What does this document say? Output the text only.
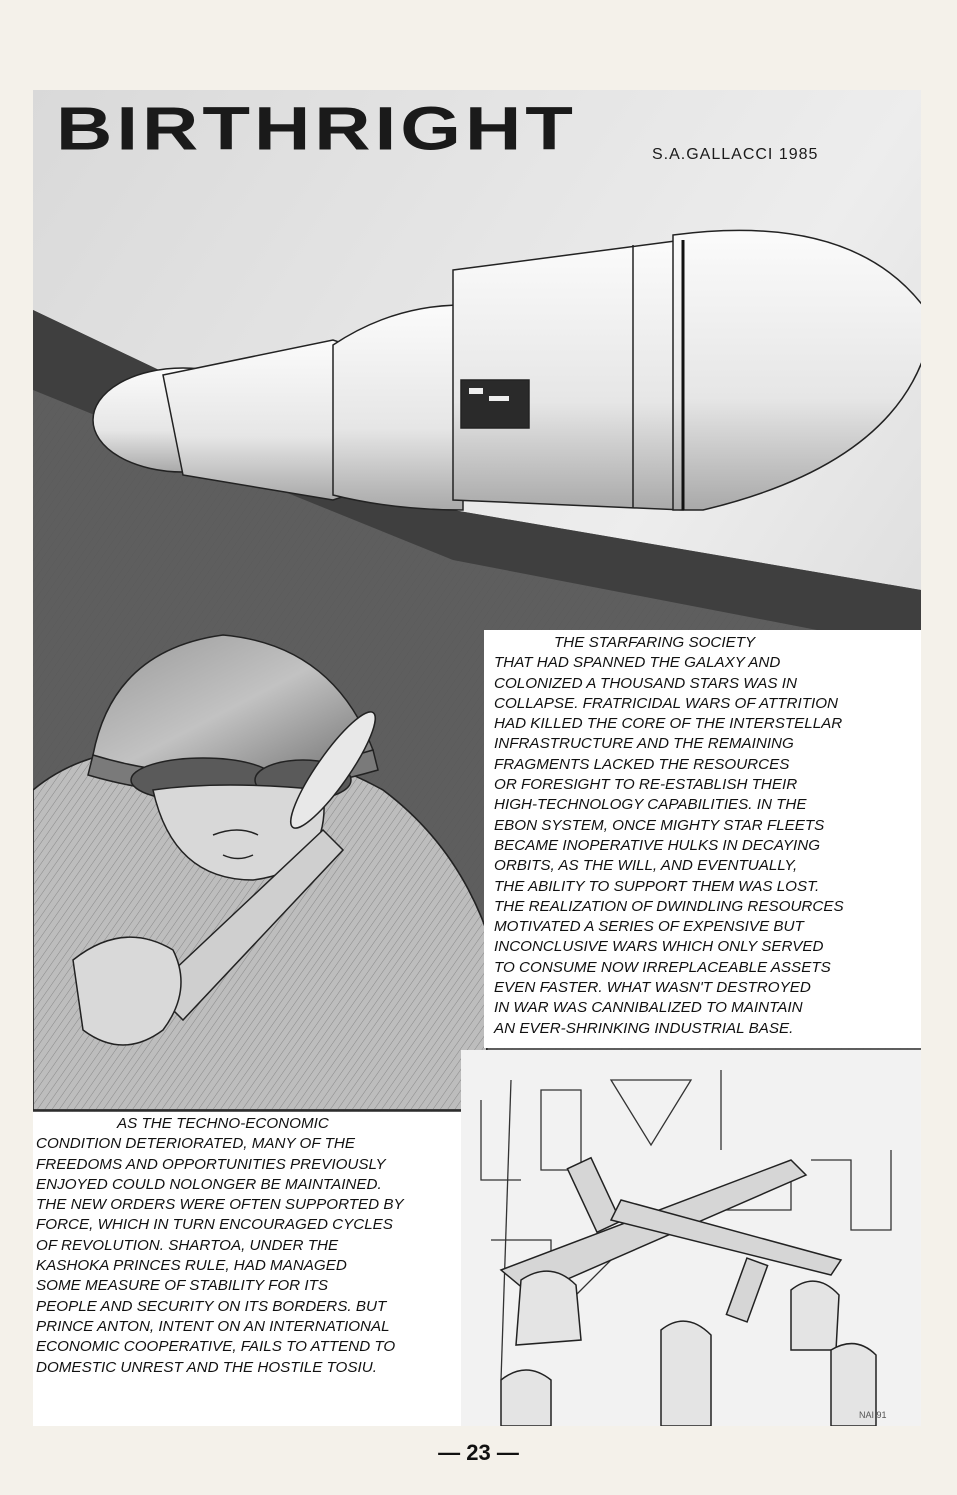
BIRTHRIGHT	S.A.GALLACCI 1985

THE STARFARING SOCIETY

THAT HAD SPANNED THE GALAXY AND

COLONIZED A THOUSAND STARS WAS IN

COLLAPSE. FRATRICIDAL WARS OF ATTRITION

HAD KILLED THE CORE OF THE INTERSTELLAR

INFRASTRUCTURE AND THE REMAINING

FRAGMENTS LACKED THE RESOURCES

OR FORESIGHT TO RE-ESTABLISH THEIR

HIGH-TECHNOLOGY CAPABILITIES. IN THE

EBON SYSTEM, ONCE MIGHTY STAR FLEETS

BECAME INOPERATIVE HULKS IN DECAYING

ORBITS, AS THE WILL, AND EVENTUALLY,

THE ABILITY TO SUPPORT THEM WAS LOST.

THE REALIZATION OF DWINDLING RESOURCES

MOTIVATED A SERIES OF EXPENSIVE BUT

INCONCLUSIVE WARS WHICH ONLY SERVED

TO CONSUME NOW IRREPLACEABLE ASSETS

EVEN FASTER. WHAT WASN'T DESTROYED

IN WAR WAS CANNIBALIZED TO MAINTAIN

AN EVER-SHRINKING INDUSTRIAL BASE.

NAI 91

AS THE TECHNO-ECONOMIC

CONDITION DETERIORATED, MANY OF THE

FREEDOMS AND OPPORTUNITIES PREVIOUSLY

ENJOYED COULD NOLONGER BE MAINTAINED.

THE NEW ORDERS WERE OFTEN SUPPORTED BY

FORCE, WHICH IN TURN ENCOURAGED CYCLES

OF REVOLUTION. SHARTOA, UNDER THE

KASHOKA PRINCES RULE, HAD MANAGED

SOME MEASURE OF STABILITY FOR ITS

PEOPLE AND SECURITY ON ITS BORDERS. BUT

PRINCE ANTON, INTENT ON AN INTERNATIONAL

ECONOMIC COOPERATIVE, FAILS TO ATTEND TO

DOMESTIC UNREST AND THE HOSTILE TOSIU.

— 23 —
